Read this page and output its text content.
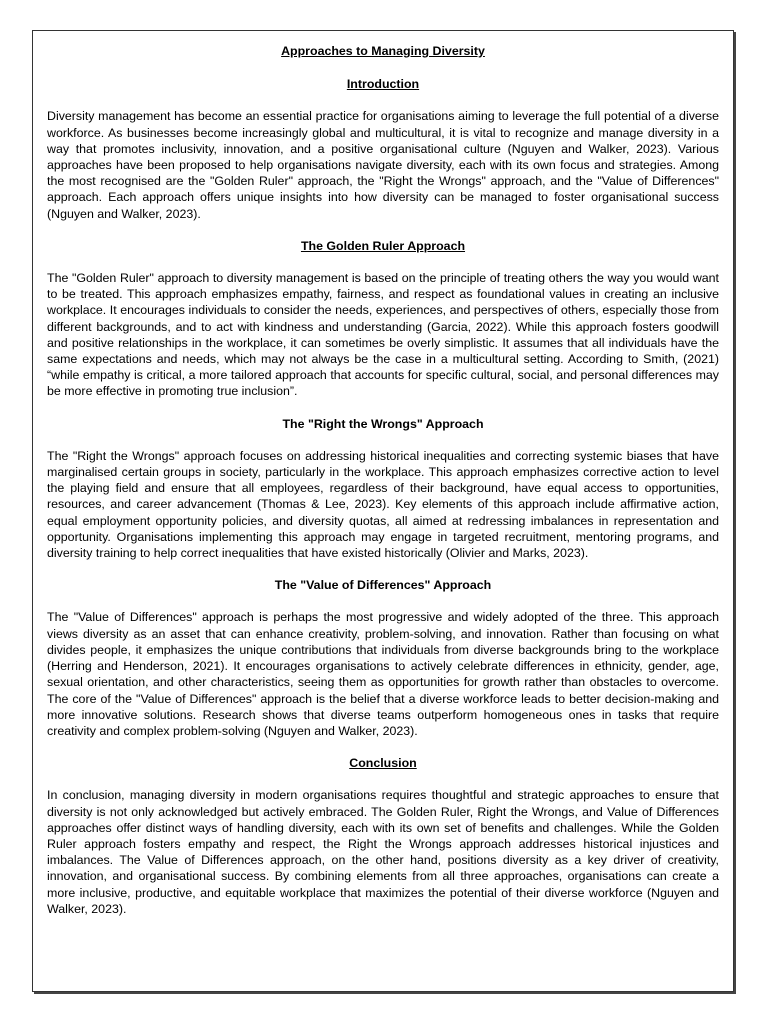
Approaches to Managing Diversity

Introduction

Diversity management has become an essential practice for organisations aiming to leverage the full potential of a diverse workforce. As businesses become increasingly global and multicultural, it is vital to recognize and manage diversity in a way that promotes inclusivity, innovation, and a positive organisational culture (Nguyen and Walker, 2023). Various approaches have been proposed to help organisations navigate diversity, each with its own focus and strategies. Among the most recognised are the "Golden Ruler" approach, the "Right the Wrongs" approach, and the "Value of Differences" approach. Each approach offers unique insights into how diversity can be managed to foster organisational success (Nguyen and Walker, 2023).

The Golden Ruler Approach

The "Golden Ruler" approach to diversity management is based on the principle of treating others the way you would want to be treated. This approach emphasizes empathy, fairness, and respect as foundational values in creating an inclusive workplace. It encourages individuals to consider the needs, experiences, and perspectives of others, especially those from different backgrounds, and to act with kindness and understanding (Garcia, 2022). While this approach fosters goodwill and positive relationships in the workplace, it can sometimes be overly simplistic. It assumes that all individuals have the same expectations and needs, which may not always be the case in a multicultural setting. According to Smith, (2021) “while empathy is critical, a more tailored approach that accounts for specific cultural, social, and personal differences may be more effective in promoting true inclusion”.

The "Right the Wrongs" Approach

The "Right the Wrongs" approach focuses on addressing historical inequalities and correcting systemic biases that have marginalised certain groups in society, particularly in the workplace. This approach emphasizes corrective action to level the playing field and ensure that all employees, regardless of their background, have equal access to opportunities, resources, and career advancement (Thomas & Lee, 2023). Key elements of this approach include affirmative action, equal employment opportunity policies, and diversity quotas, all aimed at redressing imbalances in representation and opportunity. Organisations implementing this approach may engage in targeted recruitment, mentoring programs, and diversity training to help correct inequalities that have existed historically (Olivier and Marks, 2023).

The "Value of Differences" Approach

The "Value of Differences" approach is perhaps the most progressive and widely adopted of the three. This approach views diversity as an asset that can enhance creativity, problem-solving, and innovation. Rather than focusing on what divides people, it emphasizes the unique contributions that individuals from diverse backgrounds bring to the workplace (Herring and Henderson, 2021). It encourages organisations to actively celebrate differences in ethnicity, gender, age, sexual orientation, and other characteristics, seeing them as opportunities for growth rather than obstacles to overcome. The core of the "Value of Differences" approach is the belief that a diverse workforce leads to better decision-making and more innovative solutions. Research shows that diverse teams outperform homogeneous ones in tasks that require creativity and complex problem-solving (Nguyen and Walker, 2023).

Conclusion

In conclusion, managing diversity in modern organisations requires thoughtful and strategic approaches to ensure that diversity is not only acknowledged but actively embraced. The Golden Ruler, Right the Wrongs, and Value of Differences approaches offer distinct ways of handling diversity, each with its own set of benefits and challenges. While the Golden Ruler approach fosters empathy and respect, the Right the Wrongs approach addresses historical injustices and imbalances. The Value of Differences approach, on the other hand, positions diversity as a key driver of creativity, innovation, and organisational success. By combining elements from all three approaches, organisations can create a more inclusive, productive, and equitable workplace that maximizes the potential of their diverse workforce (Nguyen and Walker, 2023).
